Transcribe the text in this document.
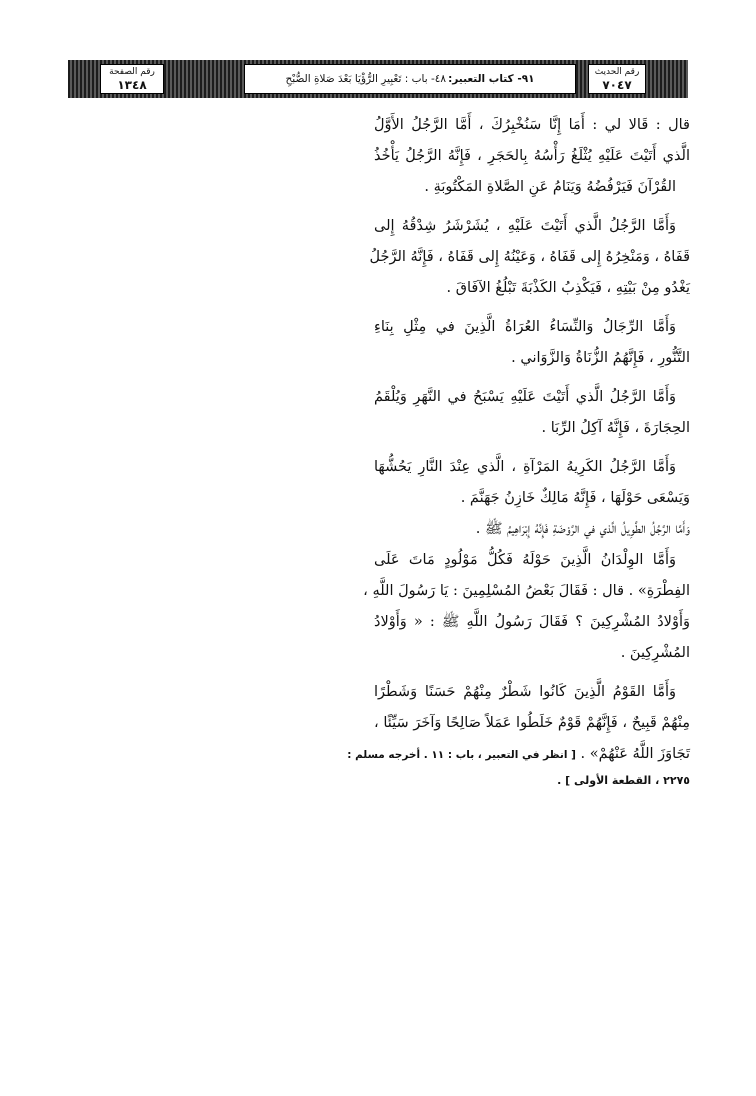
رقم الصفحة
١٣٤٨	٩١- كتاب التعبير:
٤٨- باب : تَعْبِيرِ الرُّؤْيَا بَعْدَ صَلاةِ الصُّبْحِ
رقم الحديث
٧٠٤٧
قال : قَالا لي : أَمَا إِنَّا سَنُخْبِرُكَ ، أَمَّا الرَّجُلُ الأَوَّلُ
الَّذي أَتَيْتَ عَلَيْهِ يُثْلَغُ رَأْسُهُ بِالحَجَرِ ، فَإِنَّهُ الرَّجُلُ يَأْخُذُ
القُرْآنَ فَيَرْفُضُهُ وَيَنَامُ عَنِ الصَّلاةِ المَكْتُوبَةِ .
وَأَمَّا الرَّجُلُ الَّذي أَتَيْتَ عَلَيْهِ ، يُشَرْشَرُ شِدْقُهُ إِلى
قَفَاهُ ، وَمَنْخِرُهُ إِلى قَفَاهُ ، وَعَيْنُهُ إِلى قَفَاهُ ، فَإِنَّهُ الرَّجُلُ
يَغْدُو مِنْ بَيْتِهِ ، فَيَكْذِبُ الكَذْبَةَ تَبْلُغُ الآفَاقَ .
وَأَمَّا الرِّجَالُ وَالنِّسَاءُ العُرَاةُ الَّذِينَ في مِثْلِ بِنَاءِ
التَّنُّورِ ، فَإِنَّهُمُ الزُّنَاةُ وَالزَّوَاني .
وَأَمَّا الرَّجُلُ الَّذي أَتَيْتَ عَلَيْهِ يَسْبَحُ في النَّهَرِ وَيُلْقَمُ
الحِجَارَةَ ، فَإِنَّهُ آكِلُ الرِّبَا .
وَأَمَّا الرَّجُلُ الكَرِيهُ المَرْآةِ ، الَّذي عِنْدَ النَّارِ يَحُشُّهَا
وَيَسْعَى حَوْلَهَا ، فَإِنَّهُ مَالِكٌ خَازِنُ جَهَنَّمَ .
وَأَمَّا الرَّجُلُ الطَّوِيلُ الَّذي في الرَّوْضَةِ فَإِنَّهُ إِبْرَاهِيمُ ﷺ .
وَأَمَّا الوِلْدَانُ الَّذِينَ حَوْلَهُ فَكُلُّ مَوْلُودٍ مَاتَ عَلَى
الفِطْرَةِ» . قال : فَقَالَ بَعْضُ المُسْلِمِينَ : يَا رَسُولَ اللَّهِ ،
وَأَوْلادُ المُشْرِكِينَ ؟ فَقَالَ رَسُولُ اللَّهِ ﷺ : « وَأَوْلادُ
المُشْرِكِينَ .
وَأَمَّا القَوْمُ الَّذِينَ كَانُوا شَطْرٌ مِنْهُمْ حَسَنًا وَشَطْرًا
مِنْهُمْ قَبِيحٌ ، فَإِنَّهُمْ قَوْمٌ خَلَطُوا عَمَلاً صَالِحًا وَآخَرَ سَيِّئًا ،
تَجَاوَزَ اللَّهُ عَنْهُمْ» . [ انظر في التعبير ، باب : ١١ . أخرجه مسلم :
٢٢٧٥ ، القطعة الأولى ] .
